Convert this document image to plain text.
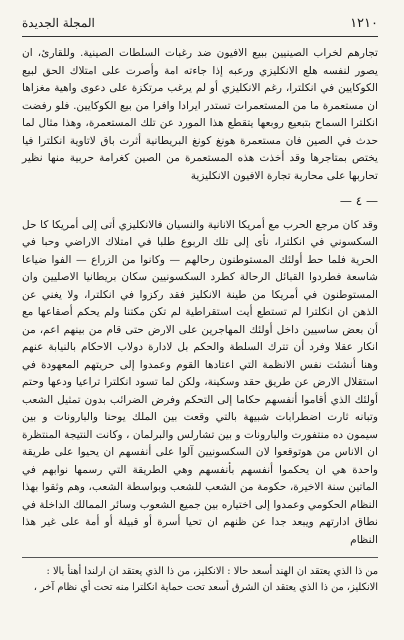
١٢١٠
المجلة الجديدة

تجارهم لخراب الصينيين ببيع الافيون ضد رغبات السلطات الصينية. وللقارئ، ان يصور لنفسه هلع الانكليزي ورعبه إذا جاءته امة وأصرت على امتلاك الحق لبيع الكوكايين في انكلترا، رغم الانكليزي أو لم يرغب مرتكزة على دعوى واهية مغزاها ان مستعمرة ما من المستعمرات تستدر ايرادا وافرا من بيع الكوكايين. فلو رفضت انكلترا السماح بتبعيع روبعها يتقطع هذا المورد عن تلك المستعمرة، وهذا مثال لما حدث في الصين فان مستعمرة هونغ كونغ البريطانية أثرت باق لاتاوية انكلترا فيا يختص بمتاجرها وقد أخذت هذه المستعمرة من الصين كغرامة حربية منها نظير تحاربها على محاربة تجارة الافيون الانكليزية

— ٤ —

وقد كان مرجع الحرب مع أمريكا الانانية والنسيان فالانكليزي أتى إلى أمريكا كا حل السكسوني في انكلترا، نأى إلى تلك الربوع طلبا في امتلاك الاراضي وحبا في الحرية فلما حط أولئك المستوطنون رحالهم — وكانوا من الزراع — الفوا ضياعا شاسعة فطردوا القبائل الرحالة كطرد السكسونيين سكان بريطانيا الاصليين وان المستوطنون في أمريكا من طينة الانكليز فقد ركزوا في انكلترا، ولا يغني عن الذهن ان انكلترا لم تستطع أيت استقراطية لم تكن مكتنا ولم يحكم أصقاعها مع أن بعض ساسيين داخل أولئك المهاجرين على الارض حتى قام من بينهم اعم، من انكار عقلا وفرد أن تترك السلطة والحكم بل لادارة دولاب الاحكام بالنيابة عنهم وهنا أنشئت نفس الانظمة التي اعتادها القوم وعمدوا إلى حريتهم المعهودة في استقلال الارض عن طريق حقد وسكينة، ولكن لما تسود انكلترا تراعيا ودعها وحتم أولئك الذي أقاموا أنفسهم حكاما إلى التحكم وفرض الضرائب بدون تمثيل الشعب وتبانه ثارت اضطرابات شبيهة بالتي وقعت بين الملك يوحنا والبارونات و بين سيمون ده منتفورت والبارونات و بين تشارلس والبرلمان ، وكانت النتيجة المنتظرة ان الاناس من هوتوقعوا لان السكسونيين آلوا على أنفسهم ان يحيوا على طريقة واحدة هي ان يحكموا أنفسهم بأنفسهم وهي الطريقة التي رسمها نوابهم في الماتين سنة الاخيرة، حكومة من الشعب للشعب وبواسطة الشعب، وهم وثقوا بهذا النظام الحكومي وعمدوا إلى اختياره بين جميع الشعوب وسائر الممالك الداخلة في نطاق ادارتهم ويبعد جدا عن ظنهم ان تحيا أسرة أو قبيلة أو أمة على غير هذا النظام

من ذا الذي يعتقد ان الهند أسعد حالا : الانكليز، من ذا الذي يعتقد ان ارلندا أهنأ بالا :

الانكليز، من ذا الذي يعتقد ان الشرق أسعد تحت حماية انكلترا منه تحت أي نظام آخر ،
